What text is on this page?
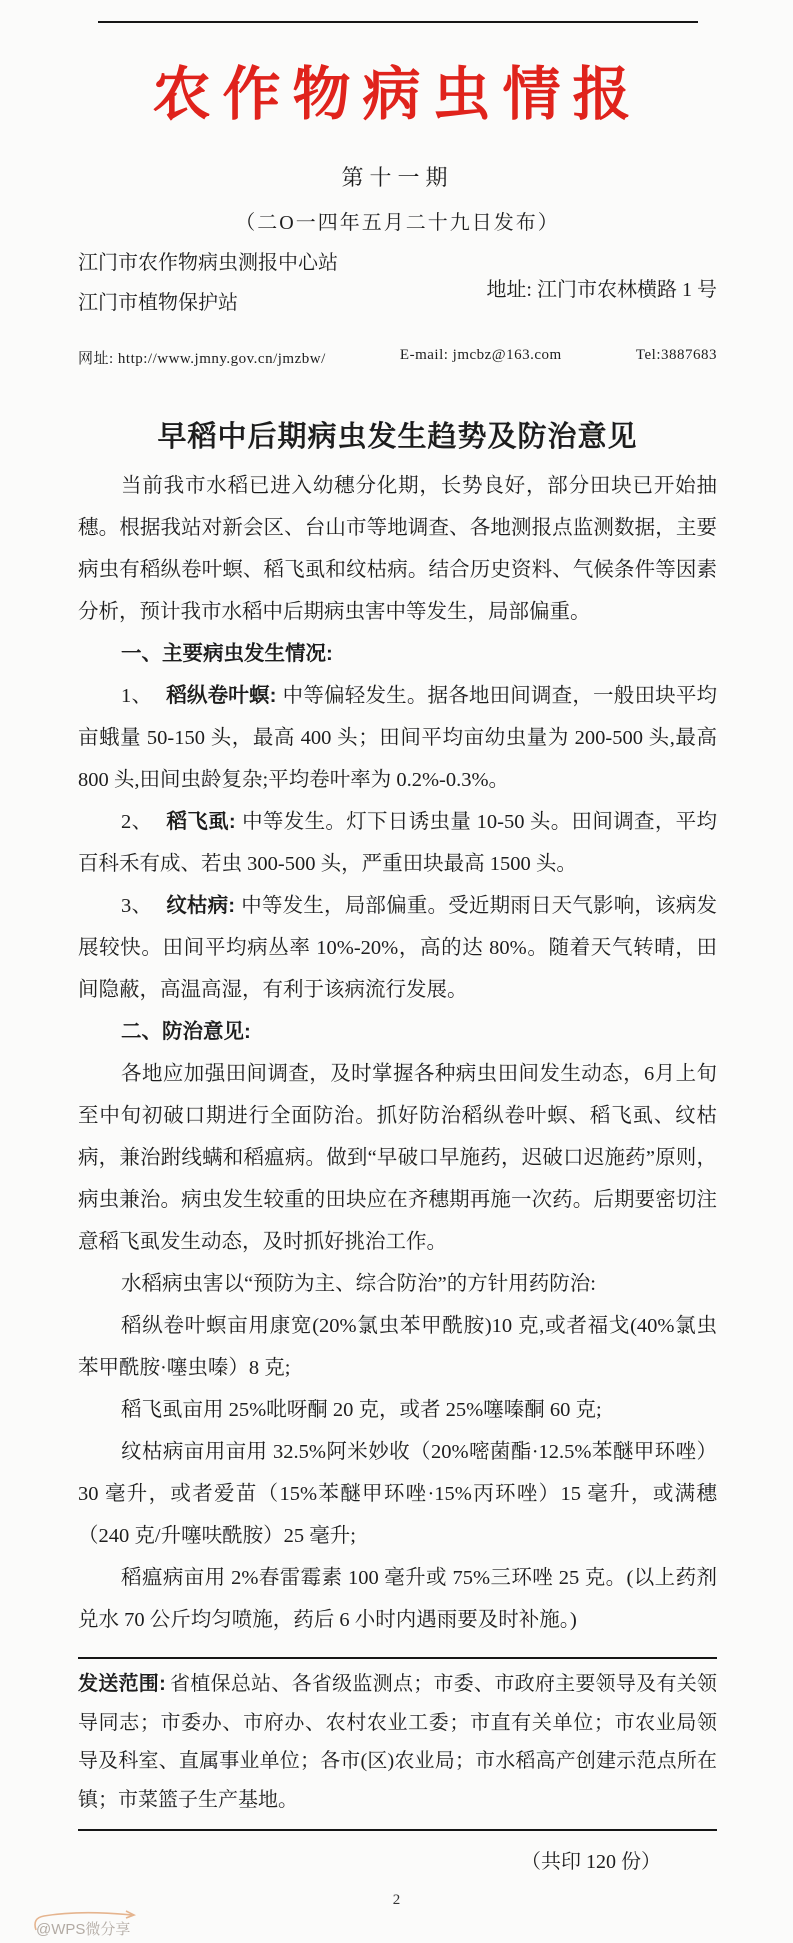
农作物病虫情报
第十一期
（二O一四年五月二十九日发布）
江门市农作物病虫测报中心站
江门市植物保护站
地址: 江门市农林横路 1 号
网址: http://www.jmny.gov.cn/jmzbw/	E-mail: jmcbz@163.com	Tel:3887683
早稻中后期病虫发生趋势及防治意见

当前我市水稻已进入幼穗分化期，长势良好，部分田块已开始抽穗。根据我站对新会区、台山市等地调查、各地测报点监测数据，主要病虫有稻纵卷叶螟、稻飞虱和纹枯病。结合历史资料、气候条件等因素分析，预计我市水稻中后期病虫害中等发生，局部偏重。

一、主要病虫发生情况:

1、 稻纵卷叶螟: 中等偏轻发生。据各地田间调查，一般田块平均亩蛾量 50-150 头，最高 400 头；田间平均亩幼虫量为 200-500 头,最高 800 头,田间虫龄复杂;平均卷叶率为 0.2%-0.3%。

2、 稻飞虱: 中等发生。灯下日诱虫量 10-50 头。田间调查，平均百科禾有成、若虫 300-500 头，严重田块最高 1500 头。

3、 纹枯病: 中等发生，局部偏重。受近期雨日天气影响，该病发展较快。田间平均病丛率 10%-20%，高的达 80%。随着天气转晴，田间隐蔽，高温高湿，有利于该病流行发展。

二、防治意见:

各地应加强田间调查，及时掌握各种病虫田间发生动态，6月上旬至中旬初破口期进行全面防治。抓好防治稻纵卷叶螟、稻飞虱、纹枯病，兼治跗线螨和稻瘟病。做到“早破口早施药，迟破口迟施药”原则，病虫兼治。病虫发生较重的田块应在齐穗期再施一次药。后期要密切注意稻飞虱发生动态，及时抓好挑治工作。

水稻病虫害以“预防为主、综合防治”的方针用药防治:

稻纵卷叶螟亩用康宽(20%氯虫苯甲酰胺)10 克,或者福戈(40%氯虫苯甲酰胺·噻虫嗪）8 克;

稻飞虱亩用 25%吡呀酮 20 克，或者 25%噻嗪酮 60 克;

纹枯病亩用亩用 32.5%阿米妙收（20%嘧菌酯·12.5%苯醚甲环唑）30 毫升，或者爱苗（15%苯醚甲环唑·15%丙环唑）15 毫升，或满穗（240 克/升噻呋酰胺）25 毫升;

稻瘟病亩用 2%春雷霉素 100 毫升或 75%三环唑 25 克。(以上药剂兑水 70 公斤均匀喷施，药后 6 小时内遇雨要及时补施。)

发送范围: 省植保总站、各省级监测点；市委、市政府主要领导及有关领导同志；市委办、市府办、农村农业工委；市直有关单位；市农业局领导及科室、直属事业单位；各市(区)农业局；市水稻高产创建示范点所在镇；市菜篮子生产基地。
（共印 120 份）
2
@WPS微分享
